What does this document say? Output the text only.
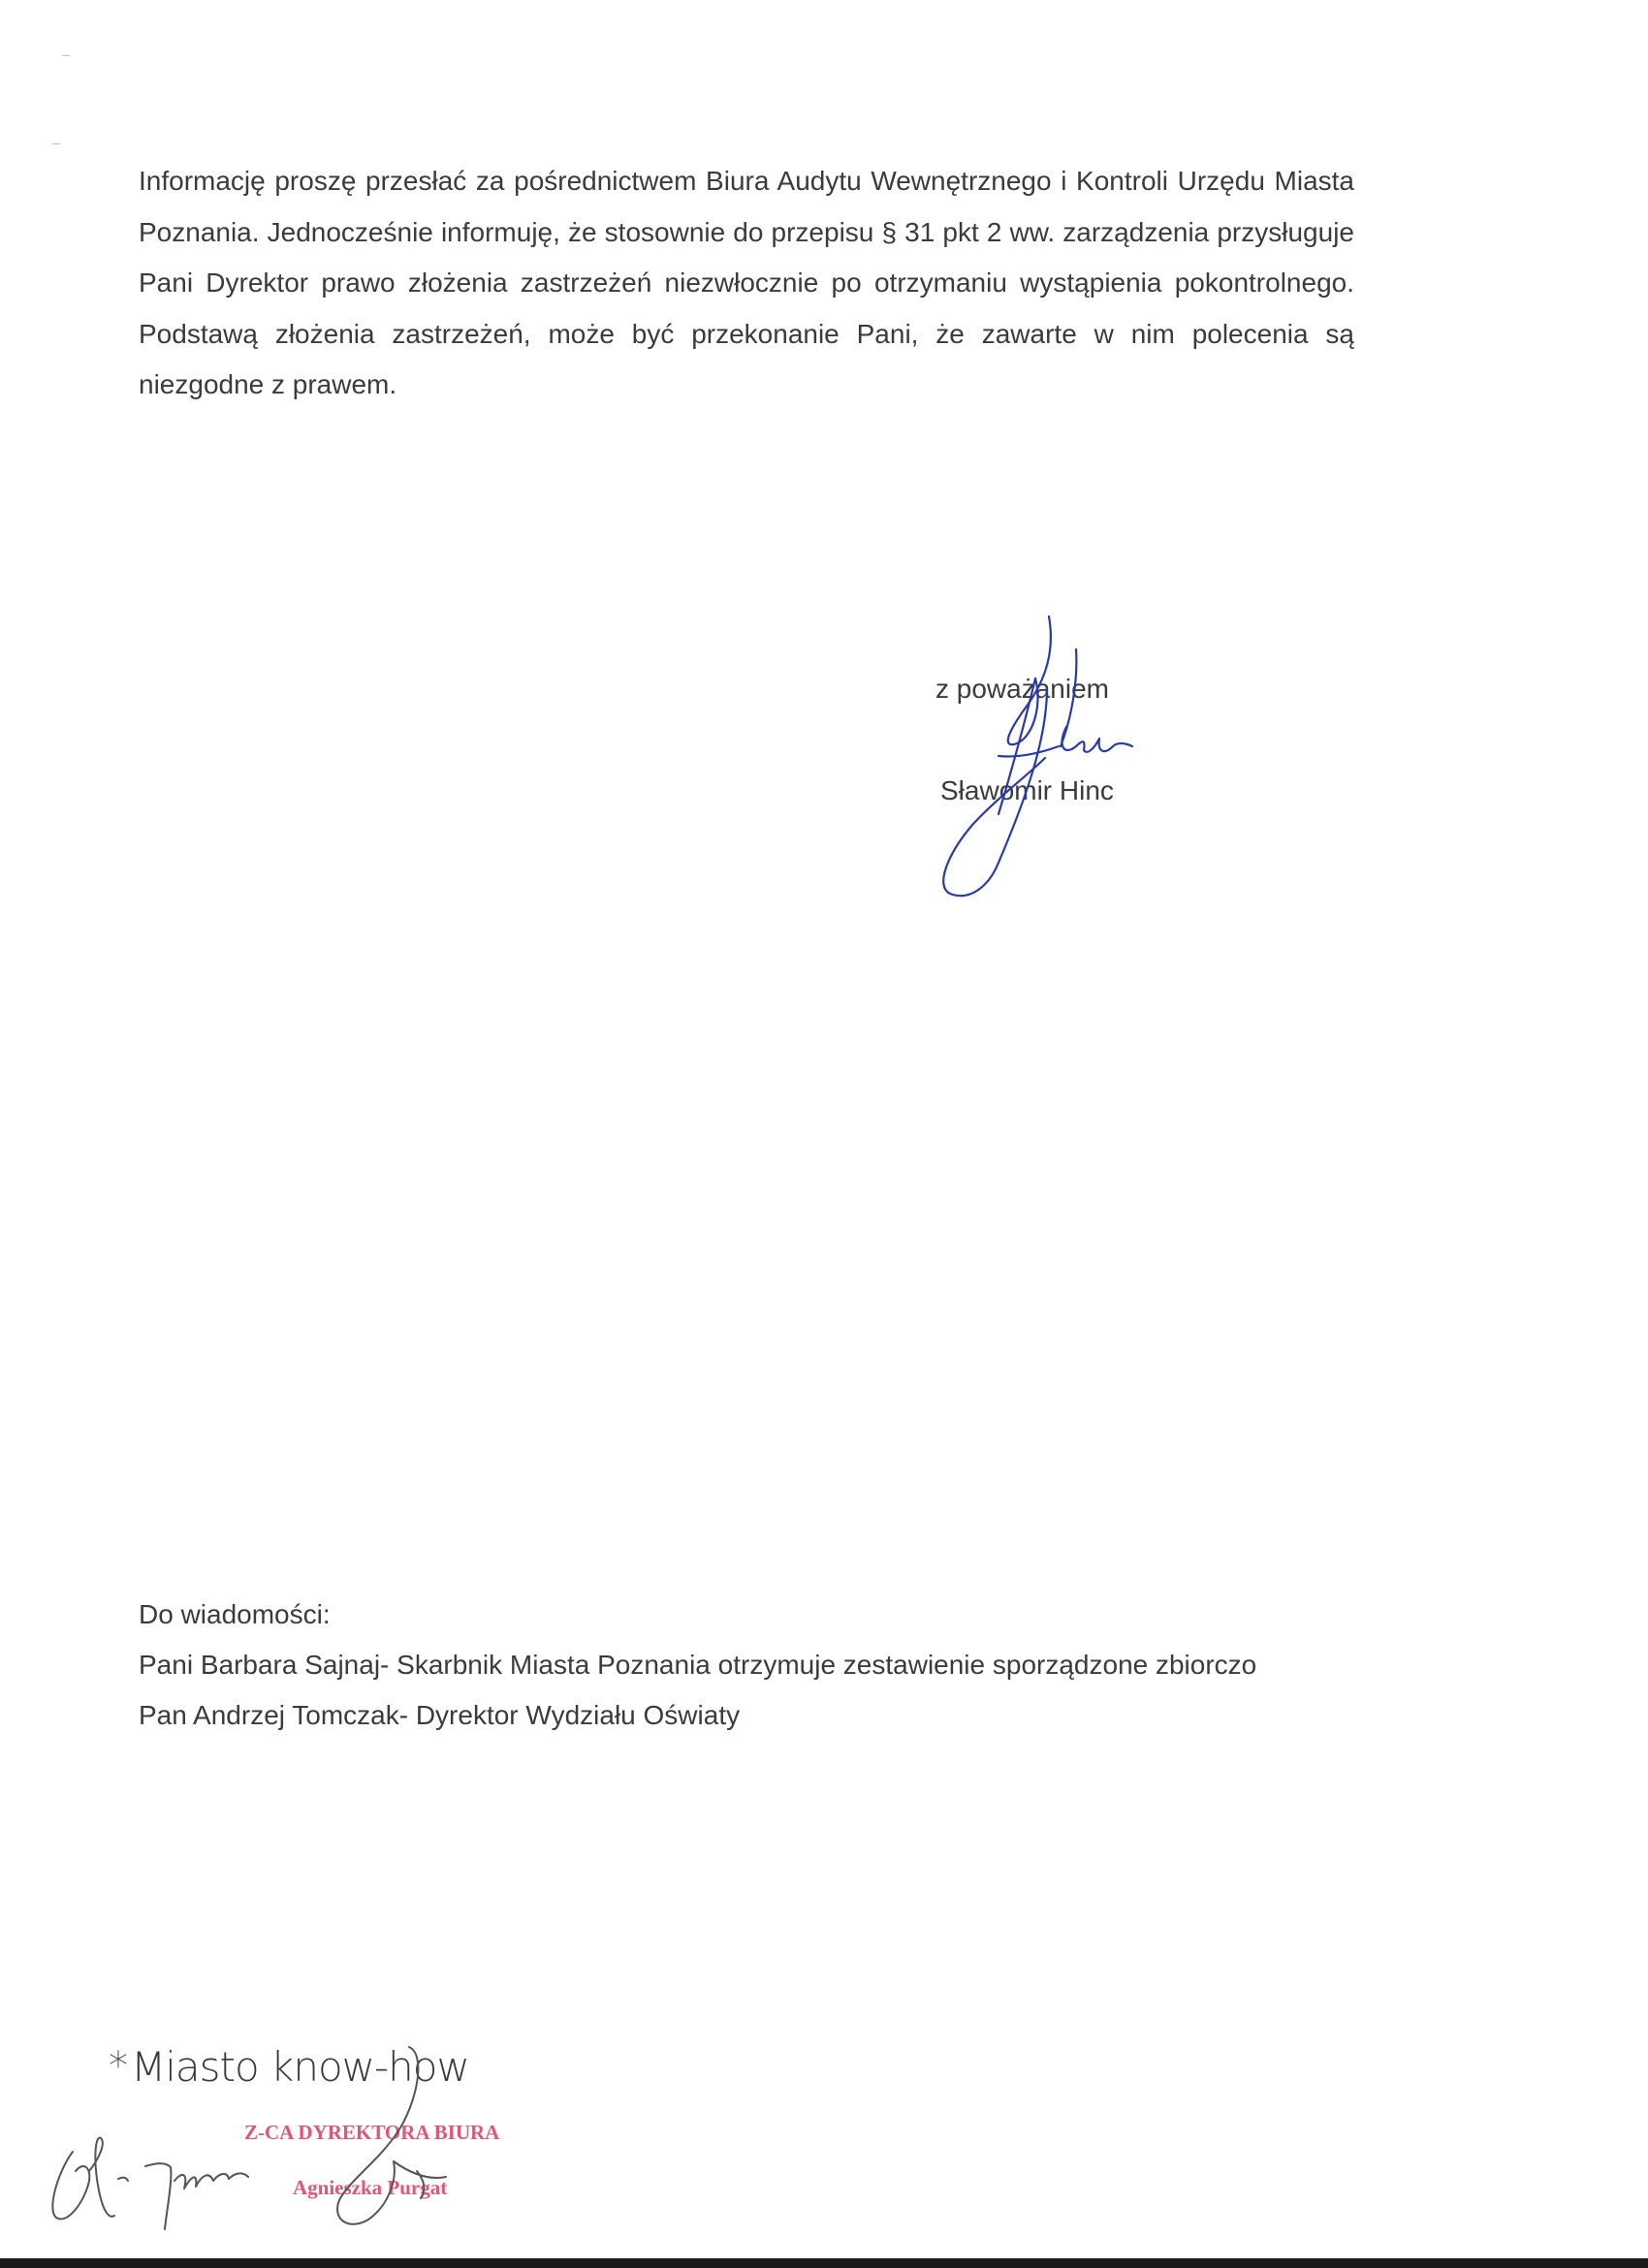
Informację proszę przesłać za pośrednictwem Biura Audytu Wewnętrznego i Kontroli Urzędu Miasta Poznania. Jednocześnie informuję, że stosownie do przepisu § 31 pkt 2 ww. zarządzenia przysługuje Pani Dyrektor prawo złożenia zastrzeżeń niezwłocznie po otrzymaniu wystąpienia pokontrolnego. Podstawą złożenia zastrzeżeń, może być przekonanie Pani, że zawarte w nim polecenia są niezgodne z prawem.

z poważaniem

Sławomir Hinc

Do wiadomości:
Pani Barbara Sajnaj- Skarbnik Miasta Poznania otrzymuje zestawienie sporządzone zbiorczo
Pan Andrzej Tomczak- Dyrektor Wydziału Oświaty
*Miasto know-how
Z-CA DYREKTORA BIURA
Agnieszka Purgat
